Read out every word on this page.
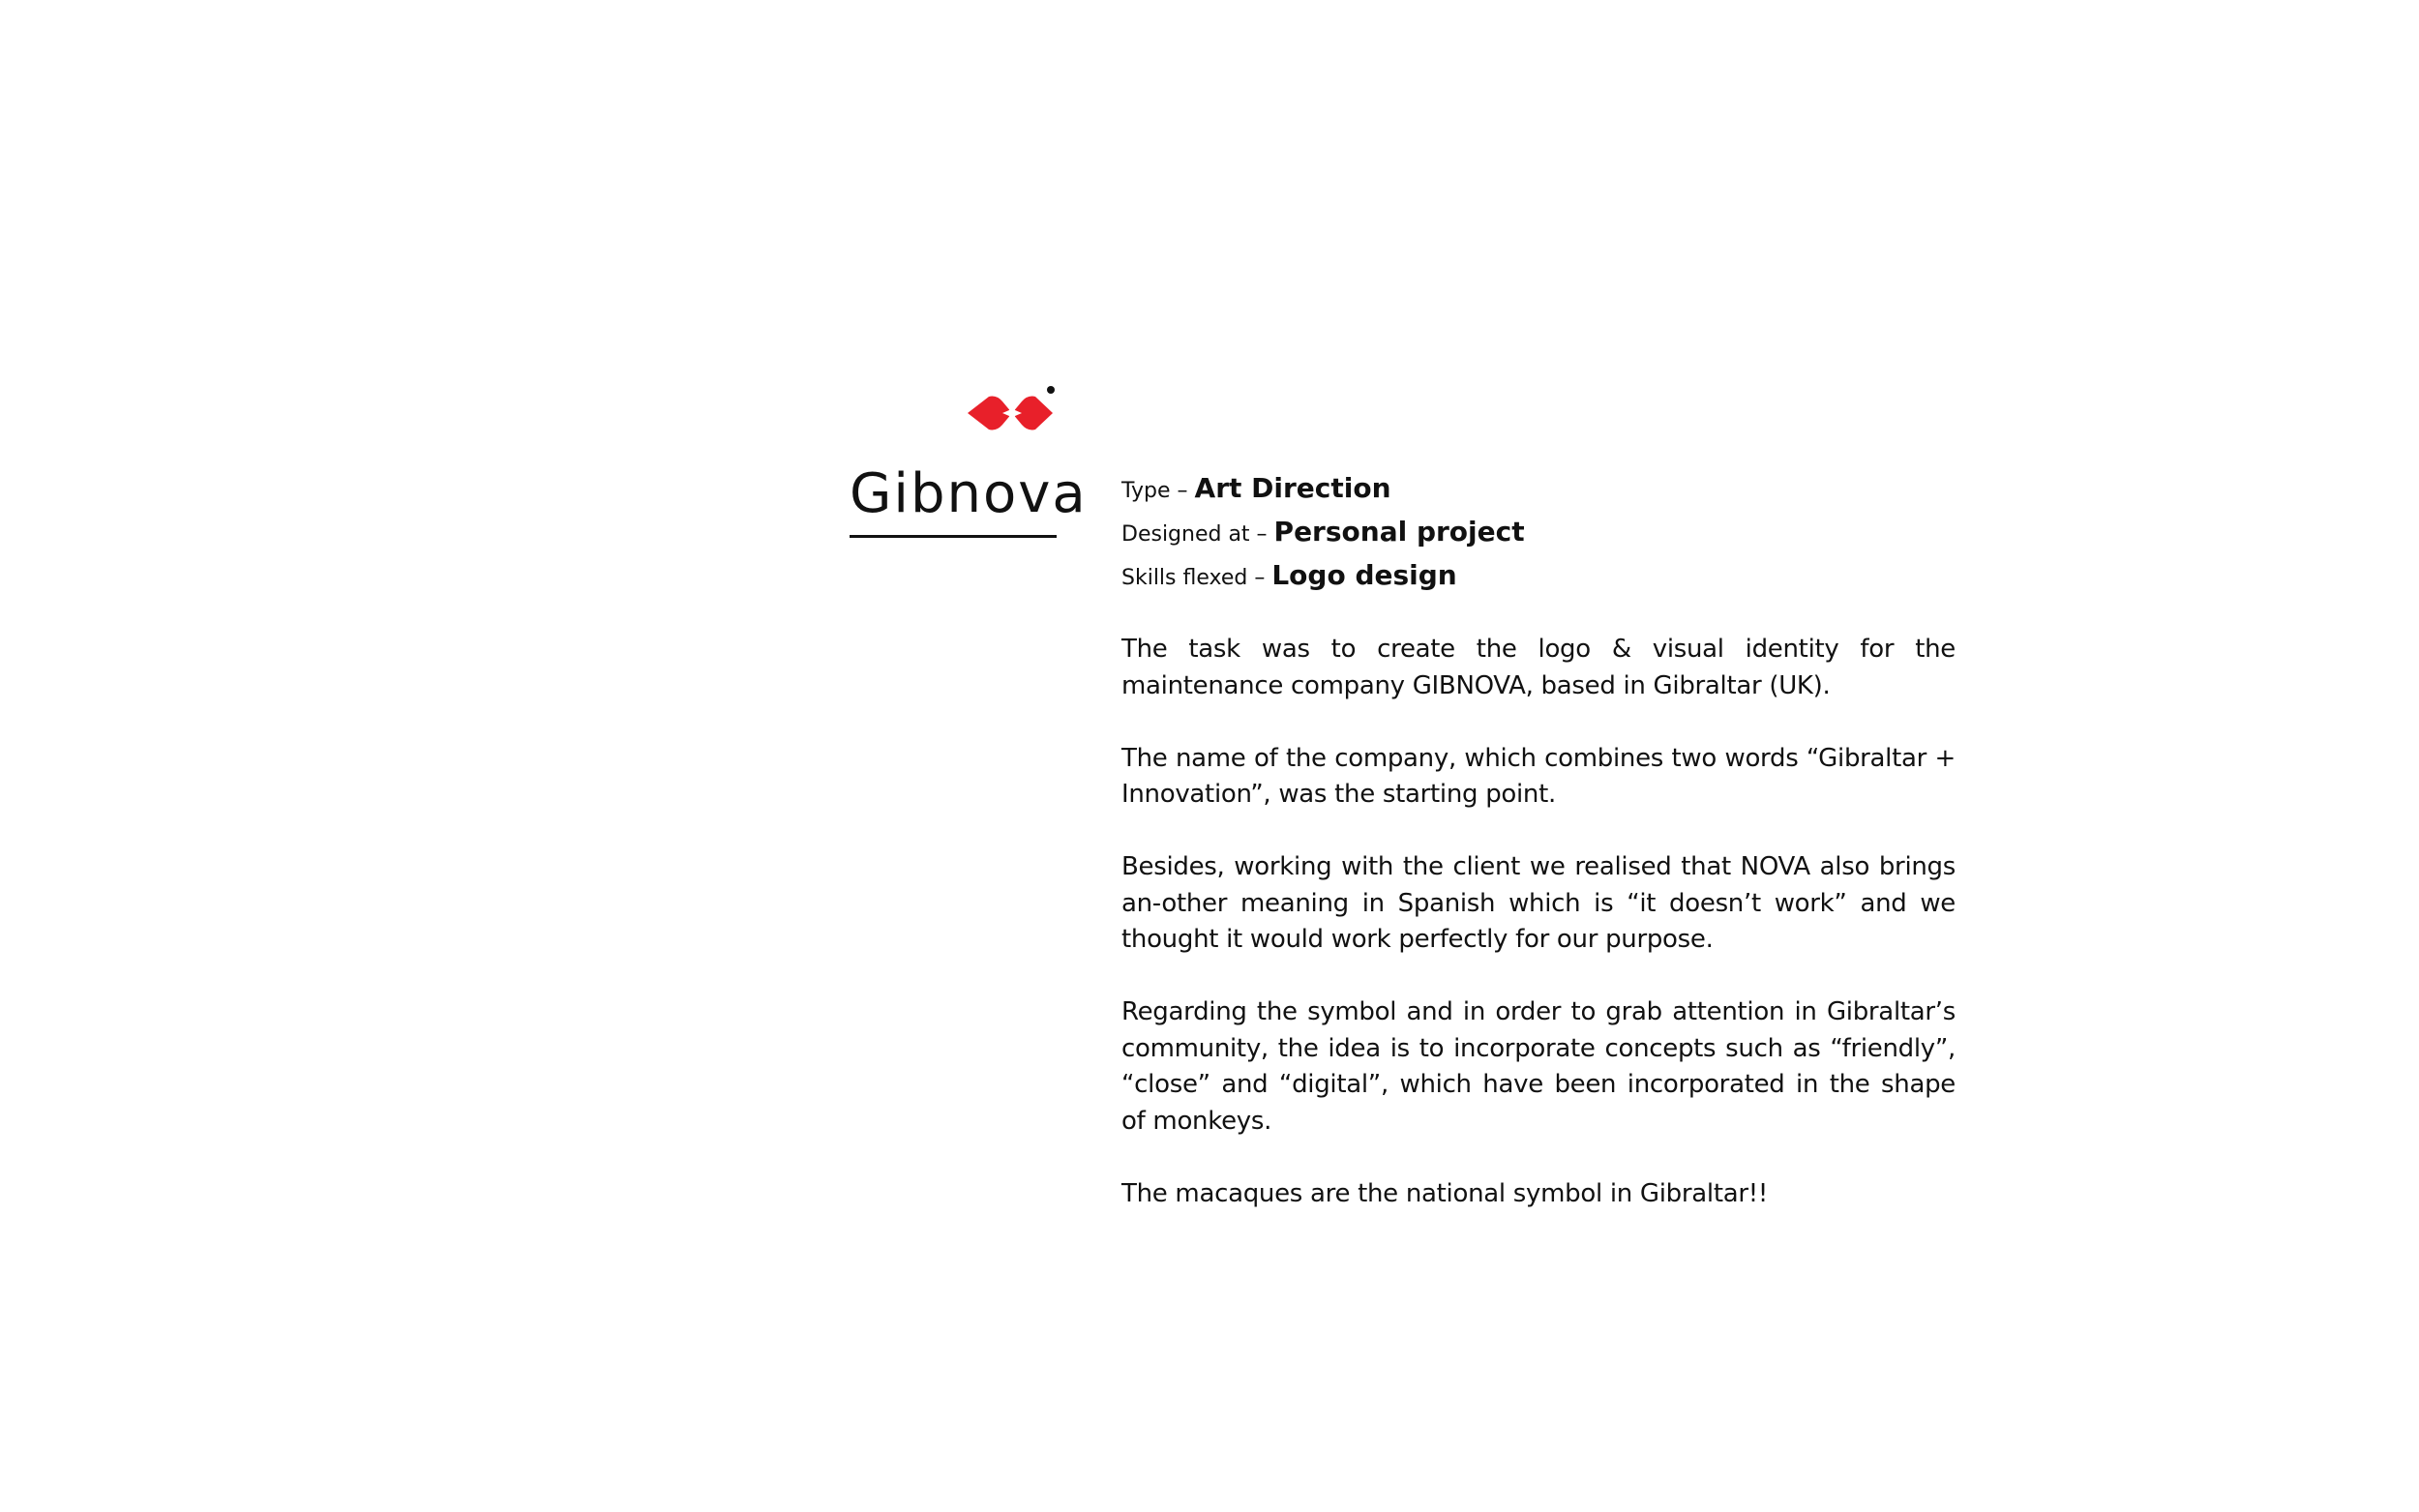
Gibnova Type – Art Direction
Designed at – Personal project
Skills flexed – Logo design

The task was to create the logo & visual identity for the maintenance company GIBNOVA, based in Gibraltar (UK).

The name of the company, which combines two words “Gibraltar + Innovation”, was the starting point.

Besides, working with the client we realised that NOVA also brings an-other meaning in Spanish which is “it doesn’t work” and we thought it would work perfectly for our purpose.

Regarding the symbol and in order to grab attention in Gibraltar’s community, the idea is to incorporate concepts such as “friendly”, “close” and “digital”, which have been incorporated in the shape of monkeys.

The macaques are the national symbol in Gibraltar!!
